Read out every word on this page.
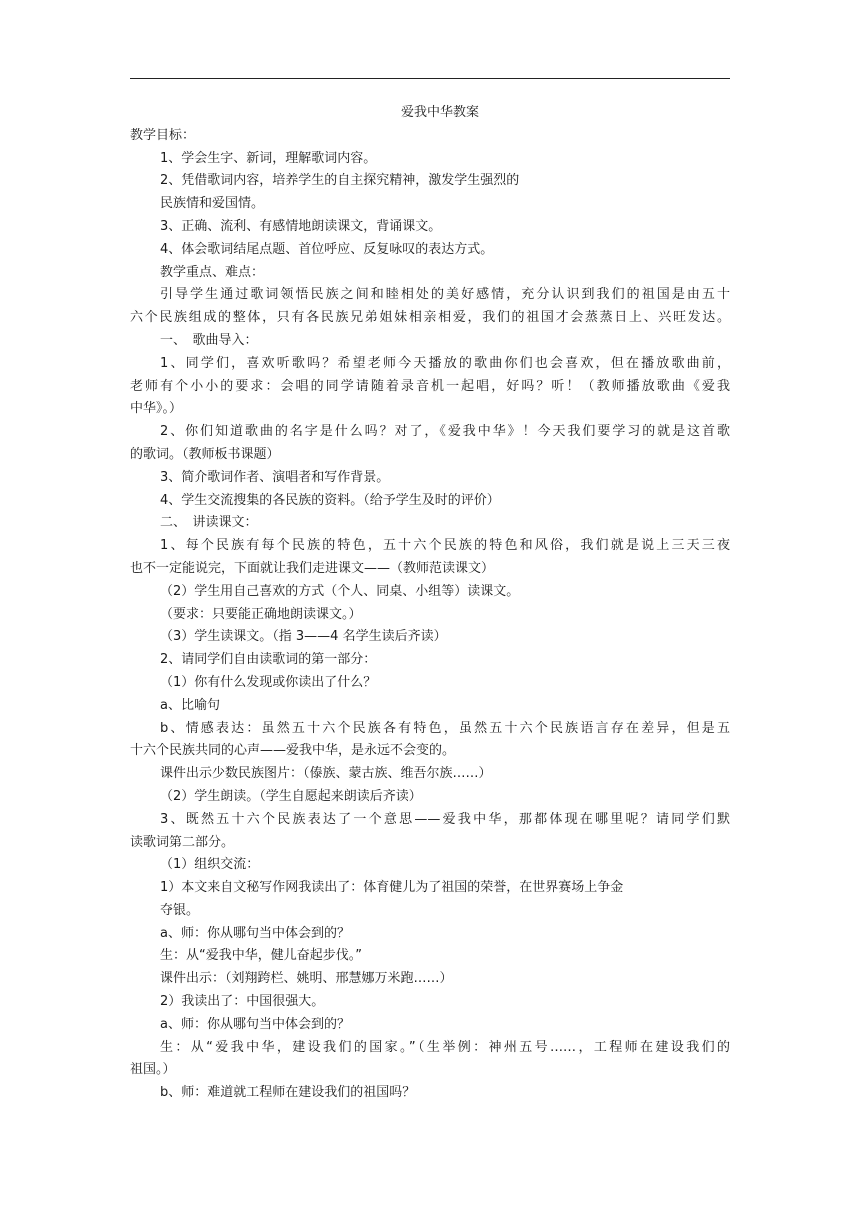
爱我中华教案
教学目标：
1、学会生字、新词，理解歌词内容。
2、凭借歌词内容，培养学生的自主探究精神，激发学生强烈的
民族情和爱国情。
3、正确、流利、有感情地朗读课文，背诵课文。
4、体会歌词结尾点题、首位呼应、反复咏叹的表达方式。
教学重点、难点：
引导学生通过歌词领悟民族之间和睦相处的美好感情，充分认识到我们的祖国是由五十
六个民族组成的整体，只有各民族兄弟姐妹相亲相爱，我们的祖国才会蒸蒸日上、兴旺发达。
一、　歌曲导入：
1、同学们，喜欢听歌吗？希望老师今天播放的歌曲你们也会喜欢，但在播放歌曲前，
老师有个小小的要求：会唱的同学请随着录音机一起唱，好吗？听！（教师播放歌曲《爱我
中华》。）
2、你们知道歌曲的名字是什么吗？对了，《爱我中华》！今天我们要学习的就是这首歌
的歌词。（教师板书课题）
3、简介歌词作者、演唱者和写作背景。
4、学生交流搜集的各民族的资料。（给予学生及时的评价）
二、　讲读课文：
1、每个民族有每个民族的特色，五十六个民族的特色和风俗，我们就是说上三天三夜
也不一定能说完，下面就让我们走进课文——（教师范读课文）
（2）学生用自己喜欢的方式（个人、同桌、小组等）读课文。
（要求：只要能正确地朗读课文。）
（3）学生读课文。（指 3——4 名学生读后齐读）
2、请同学们自由读歌词的第一部分：
（1）你有什么发现或你读出了什么？
a、比喻句
b、情感表达：虽然五十六个民族各有特色，虽然五十六个民族语言存在差异，但是五
十六个民族共同的心声——爱我中华，是永远不会变的。
课件出示少数民族图片：（傣族、蒙古族、维吾尔族……）
（2）学生朗读。（学生自愿起来朗读后齐读）
3、既然五十六个民族表达了一个意思——爱我中华，那都体现在哪里呢？请同学们默
读歌词第二部分。
（1）组织交流：
1）本文来自文秘写作网我读出了：体育健儿为了祖国的荣誉，在世界赛场上争金
夺银。
a、师：你从哪句当中体会到的？
生：从“爱我中华，健儿奋起步伐。”
课件出示：（刘翔跨栏、姚明、邢慧娜万米跑……）
2）我读出了：中国很强大。
a、师：你从哪句当中体会到的？
生：从“爱我中华，建设我们的国家。”（生举例：神州五号……，工程师在建设我们的
祖国。）
b、师：难道就工程师在建设我们的祖国吗？
